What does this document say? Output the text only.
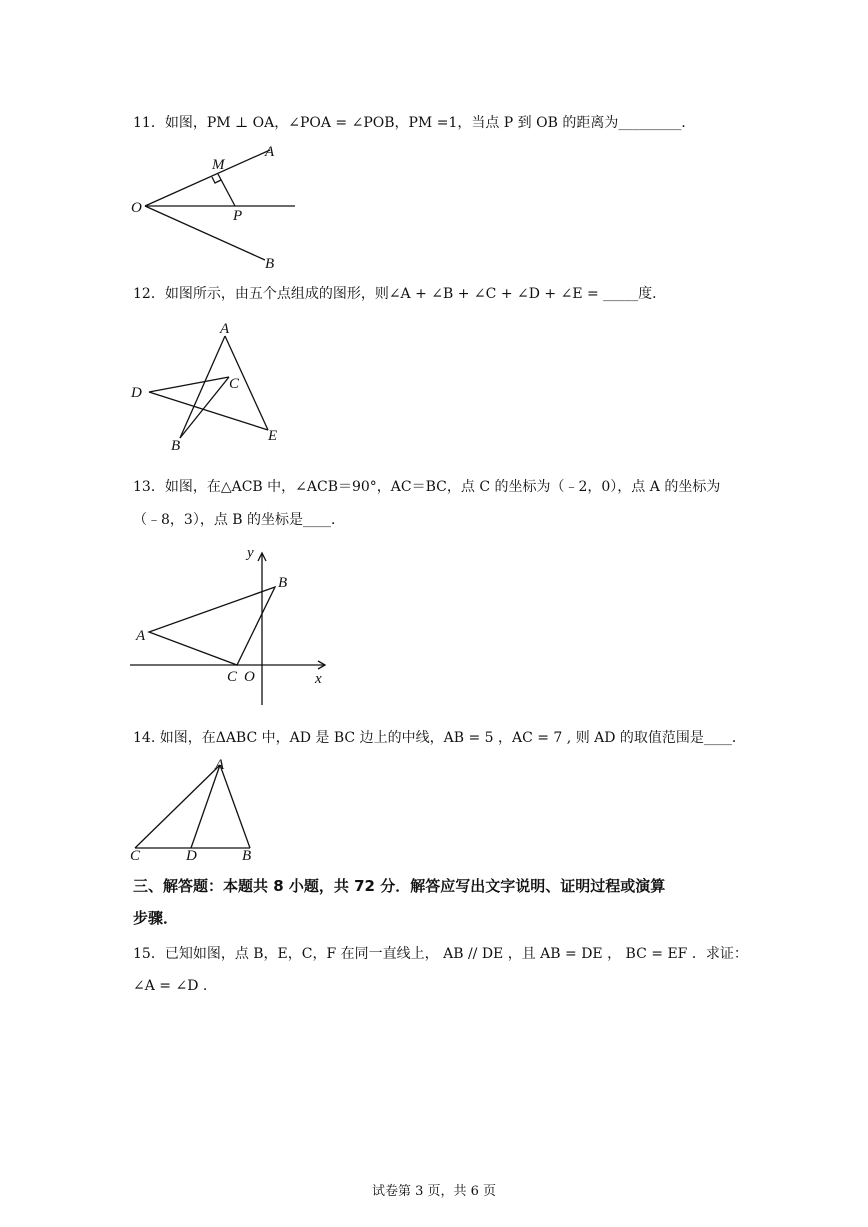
11．如图，PM ⊥ OA，∠POA = ∠POB，PM =1，当点 P 到 OB 的距离为_________．
M
A
O	P
B
12．如图所示，由五个点组成的图形，则∠A + ∠B + ∠C + ∠D + ∠E = _____度．
A
C
D
B
E
13．如图，在△ACB 中，∠ACB＝90°，AC＝BC，点 C 的坐标为（﹣2，0），点 A 的坐标为
（﹣8，3），点 B 的坐标是____．
y
B
A
C O	x
14. 如图，在ΔABC 中，AD 是 BC 边上的中线，AB = 5 ，AC = 7 , 则 AD 的取值范围是____．
A
C	D	B
三、解答题：本题共 8 小题，共 72 分．解答应写出文字说明、证明过程或演算
步骤．
15．已知如图，点 B，E，C，F 在同一直线上， AB // DE ，且 AB = DE ， BC = EF ．求证：
∠A = ∠D .
试卷第 3 页，共 6 页
